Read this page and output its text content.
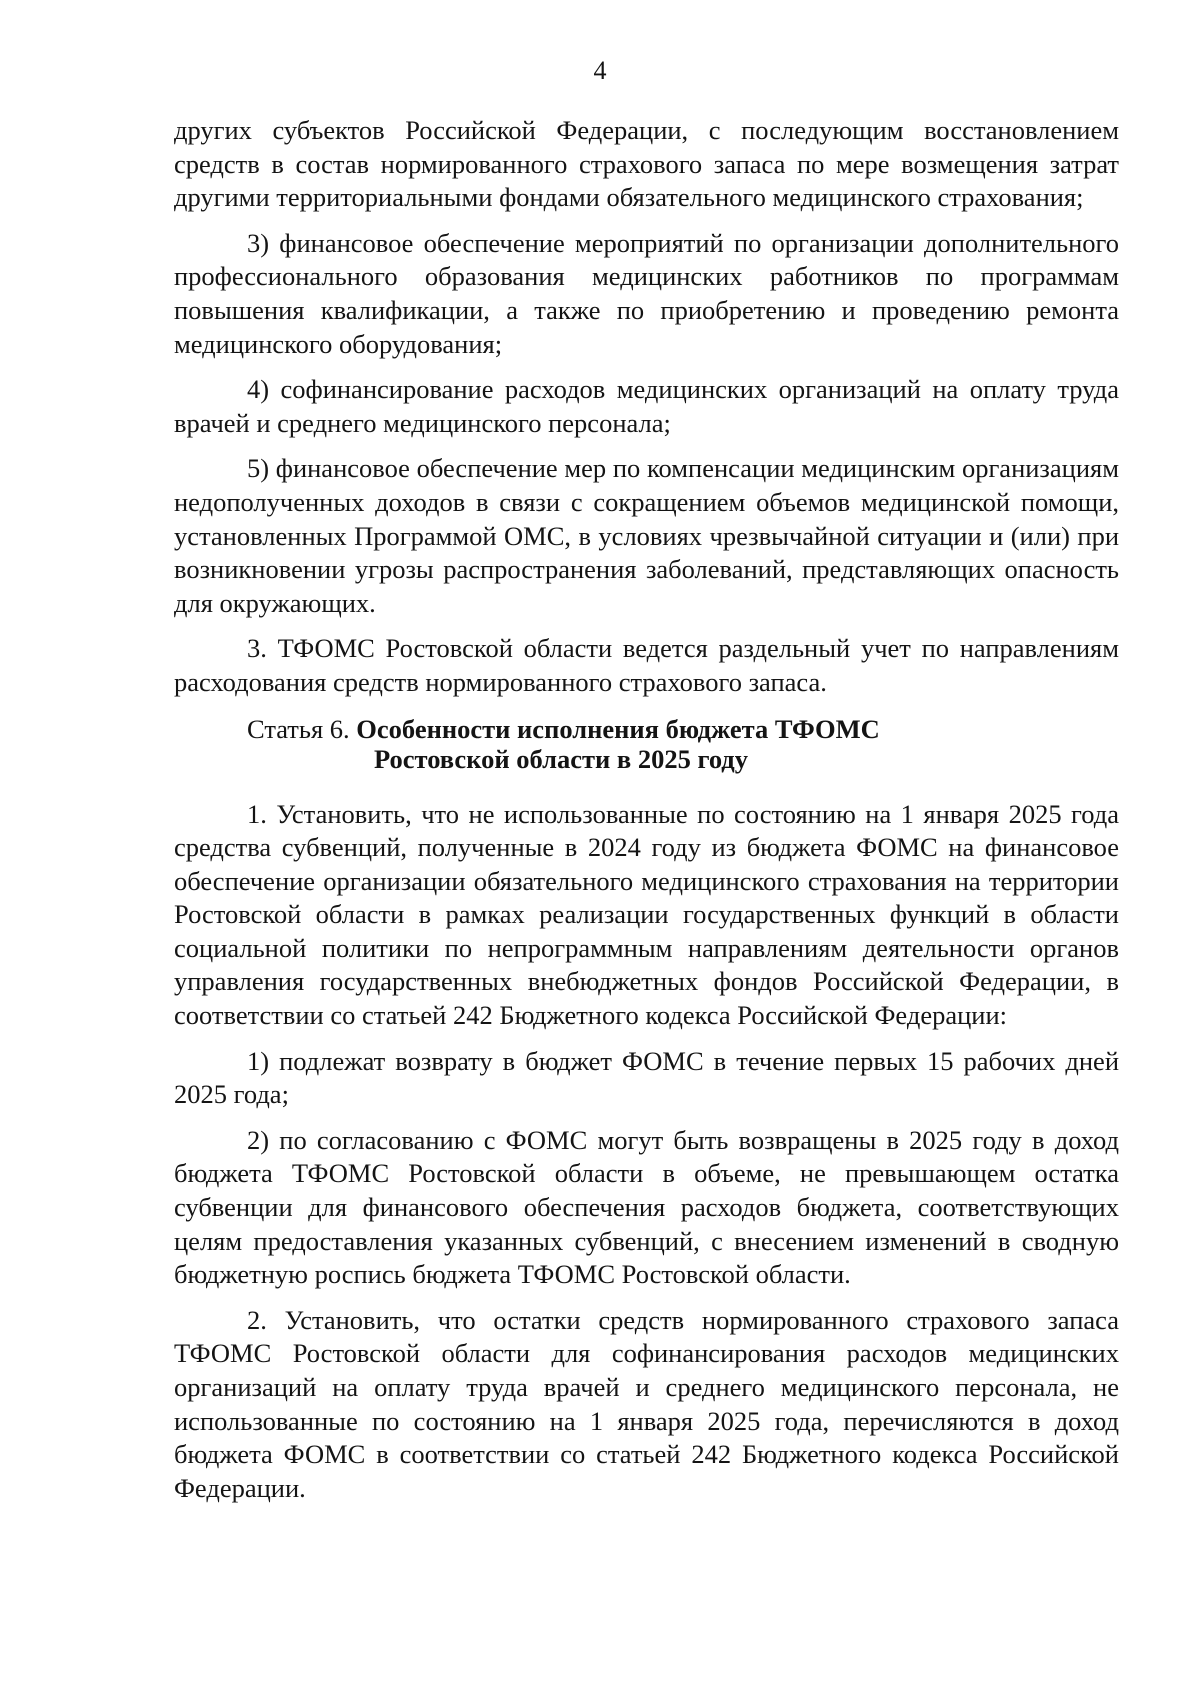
4

других субъектов Российской Федерации, с последующим восстановлением средств в состав нормированного страхового запаса по мере возмещения затрат другими территориальными фондами обязательного медицинского страхования;

3) финансовое обеспечение мероприятий по организации дополнительного профессионального образования медицинских работников по программам повышения квалификации, а также по приобретению и проведению ремонта медицинского оборудования;

4) софинансирование расходов медицинских организаций на оплату труда врачей и среднего медицинского персонала;

5) финансовое обеспечение мер по компенсации медицинским организациям недополученных доходов в связи с сокращением объемов медицинской помощи, установленных Программой ОМС, в условиях чрезвычайной ситуации и (или) при возникновении угрозы распространения заболеваний, представляющих опасность для окружающих.

3. ТФОМС Ростовской области ведется раздельный учет по направлениям расходования средств нормированного страхового запаса.

Статья 6. Особенности исполнения бюджета ТФОМС
Ростовской области в 2025 году

1. Установить, что не использованные по состоянию на 1 января 2025 года средства субвенций, полученные в 2024 году из бюджета ФОМС на финансовое обеспечение организации обязательного медицинского страхования на территории Ростовской области в рамках реализации государственных функций в области социальной политики по непрограммным направлениям деятельности органов управления государственных внебюджетных фондов Российской Федерации, в соответствии со статьей 242 Бюджетного кодекса Российской Федерации:

1) подлежат возврату в бюджет ФОМС в течение первых 15 рабочих дней 2025 года;

2) по согласованию с ФОМС могут быть возвращены в 2025 году в доход бюджета ТФОМС Ростовской области в объеме, не превышающем остатка субвенции для финансового обеспечения расходов бюджета, соответствующих целям предоставления указанных субвенций, с внесением изменений в сводную бюджетную роспись бюджета ТФОМС Ростовской области.

2. Установить, что остатки средств нормированного страхового запаса ТФОМС Ростовской области для софинансирования расходов медицинских организаций на оплату труда врачей и среднего медицинского персонала, не использованные по состоянию на 1 января 2025 года, перечисляются в доход бюджета ФОМС в соответствии со статьей 242 Бюджетного кодекса Российской Федерации.
